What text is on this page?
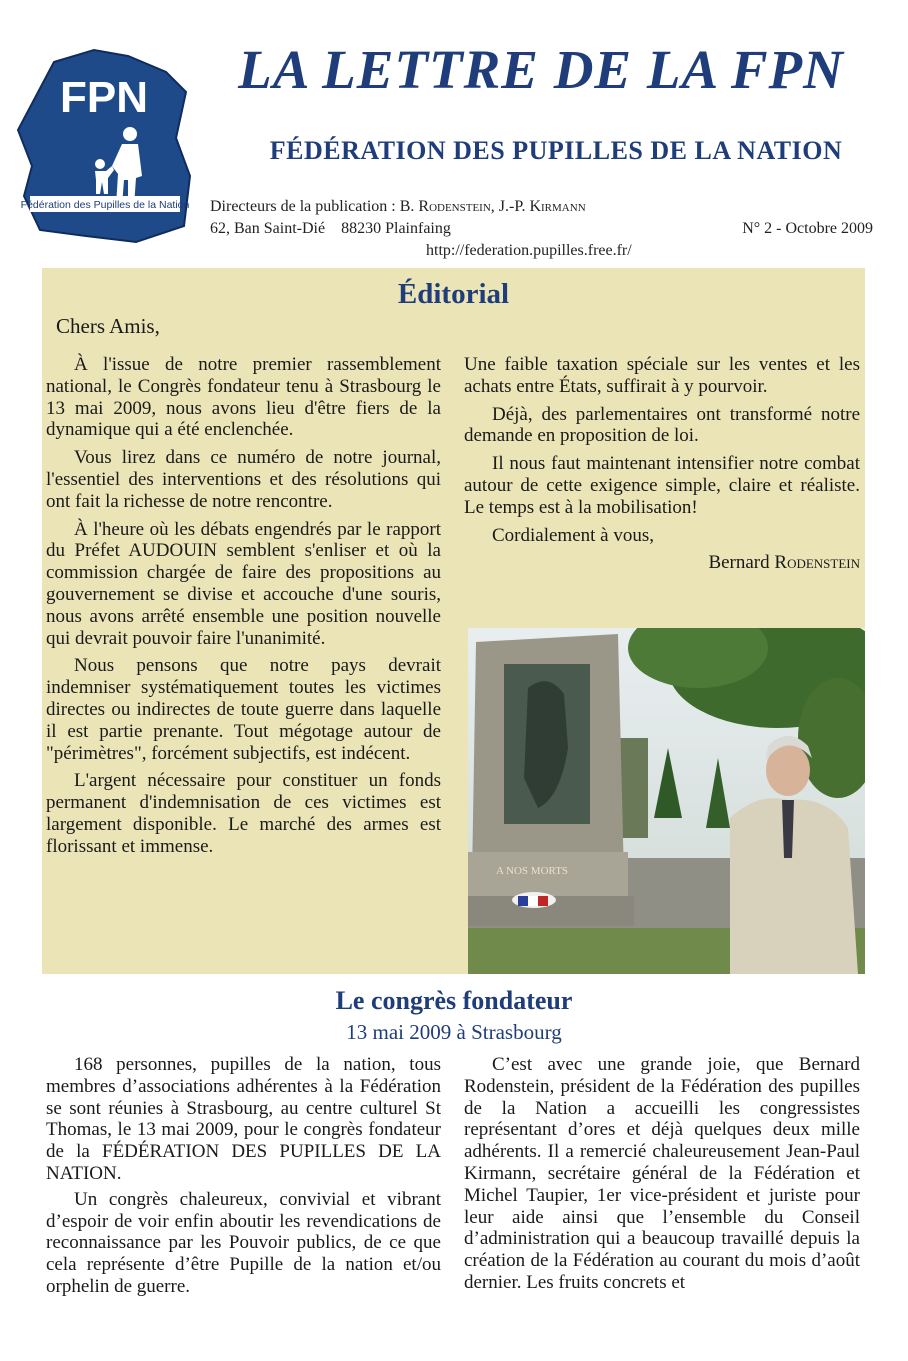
FPN
Fédération des Pupilles de la Nation
LA LETTRE DE LA FPN
FÉDÉRATION DES PUPILLES DE LA NATION
Directeurs de la publication : B. Rodenstein, J.-P. Kirmann
62, Ban Saint-Dié    88230 Plainfaing	N° 2 - Octobre 2009
http://federation.pupilles.free.fr/
Éditorial
Chers Amis,

À l'issue de notre premier rassemblement national, le Congrès fondateur tenu à Strasbourg le 13 mai 2009, nous avons lieu d'être fiers de la dynamique qui a été enclenchée.

Vous lirez dans ce numéro de notre journal, l'essentiel des interventions et des résolutions qui ont fait la richesse de notre rencontre.

À l'heure où les débats engendrés par le rapport du Préfet AUDOUIN semblent s'enliser et où la commission chargée de faire des propositions au gouvernement se divise et accouche d'une souris, nous avons arrêté ensemble une position nouvelle qui devrait pouvoir faire l'unanimité.

Nous pensons que notre pays devrait indemniser systématiquement toutes les victimes directes ou indirectes de toute guerre dans laquelle il est partie prenante. Tout mégotage autour de "périmètres", forcément subjectifs, est indécent.

L'argent nécessaire pour constituer un fonds permanent d'indemnisation de ces victimes est largement disponible. Le marché des armes est florissant et immense.

Une faible taxation spéciale sur les ventes et les achats entre États, suffirait à y pourvoir.

Déjà, des parlementaires ont transformé notre demande en proposition de loi.

Il nous faut maintenant intensifier notre combat autour de cette exigence simple, claire et réaliste. Le temps est à la mobilisation!

Cordialement à vous,

Bernard Rodenstein

A NOS MORTS
Le congrès fondateur
13 mai 2009 à Strasbourg

168 personnes, pupilles de la nation, tous membres d’associations adhérentes à la Fédération se sont réunies à Strasbourg, au centre culturel St Thomas, le 13 mai 2009, pour le congrès fondateur de la FÉDÉRATION DES PUPILLES DE LA NATION.

Un congrès chaleureux, convivial et vibrant d’espoir de voir enfin aboutir les revendications de reconnaissance par les Pouvoir publics, de ce que cela représente d’être Pupille de la nation et/ou orphelin de guerre.

C’est avec une grande joie, que Bernard Rodenstein, président de la Fédération des pupilles de la Nation a accueilli les congressistes représentant d’ores et déjà quelques deux mille adhérents. Il a remercié chaleureusement Jean-Paul Kirmann, secrétaire général de la Fédération et Michel Taupier, 1er vice-président et juriste pour leur aide ainsi que l’ensemble du Conseil d’administration qui a beaucoup travaillé depuis la création de la Fédération au courant du mois d’août dernier. Les fruits concrets et
